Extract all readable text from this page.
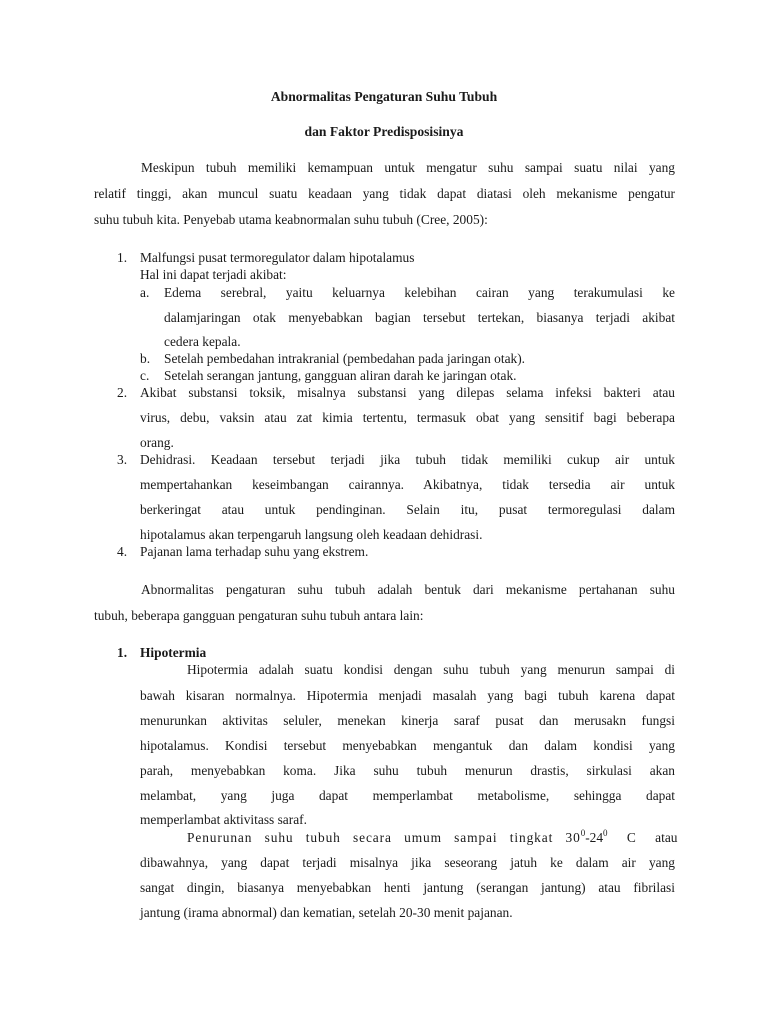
Abnormalitas Pengaturan Suhu Tubuh
dan Faktor Predisposisinya
Meskipun tubuh memiliki kemampuan untuk mengatur suhu sampai suatu nilai yang
relatif tinggi, akan muncul suatu keadaan yang tidak dapat diatasi oleh mekanisme pengatur
suhu tubuh kita. Penyebab utama keabnormalan suhu tubuh (Cree, 2005):
1. Malfungsi pusat termoregulator dalam hipotalamus
Hal ini dapat terjadi akibat:
a. Edema serebral, yaitu keluarnya kelebihan cairan yang terakumulasi ke
dalamjaringan otak menyebabkan bagian tersebut tertekan, biasanya terjadi akibat
cedera kepala.
b. Setelah pembedahan intrakranial (pembedahan pada jaringan otak).
c. Setelah serangan jantung, gangguan aliran darah ke jaringan otak.
2. Akibat substansi toksik, misalnya substansi yang dilepas selama infeksi bakteri atau
virus, debu, vaksin atau zat kimia tertentu, termasuk obat yang sensitif bagi beberapa
orang.
3. Dehidrasi. Keadaan tersebut terjadi jika tubuh tidak memiliki cukup air untuk
mempertahankan keseimbangan cairannya. Akibatnya, tidak tersedia air untuk
berkeringat atau untuk pendinginan. Selain itu, pusat termoregulasi dalam
hipotalamus akan terpengaruh langsung oleh keadaan dehidrasi.
4. Pajanan lama terhadap suhu yang ekstrem.
Abnormalitas pengaturan suhu tubuh adalah bentuk dari mekanisme pertahanan suhu
tubuh, beberapa gangguan pengaturan suhu tubuh antara lain:
1. Hipotermia
Hipotermia adalah suatu kondisi dengan suhu tubuh yang menurun sampai di
bawah kisaran normalnya. Hipotermia menjadi masalah yang bagi tubuh karena dapat
menurunkan aktivitas seluler, menekan kinerja saraf pusat dan merusakn fungsi
hipotalamus. Kondisi tersebut menyebabkan mengantuk dan dalam kondisi yang
parah, menyebabkan koma. Jika suhu tubuh menurun drastis, sirkulasi akan
melambat, yang juga dapat memperlambat metabolisme, sehingga dapat
memperlambat aktivitass saraf.
Penurunan suhu tubuh secara umum sampai tingkat $30^0-24^0$ C atau
dibawahnya, yang dapat terjadi misalnya jika seseorang jatuh ke dalam air yang
sangat dingin, biasanya menyebabkan henti jantung (serangan jantung) atau fibrilasi
jantung (irama abnormal) dan kematian, setelah 20-30 menit pajanan.
